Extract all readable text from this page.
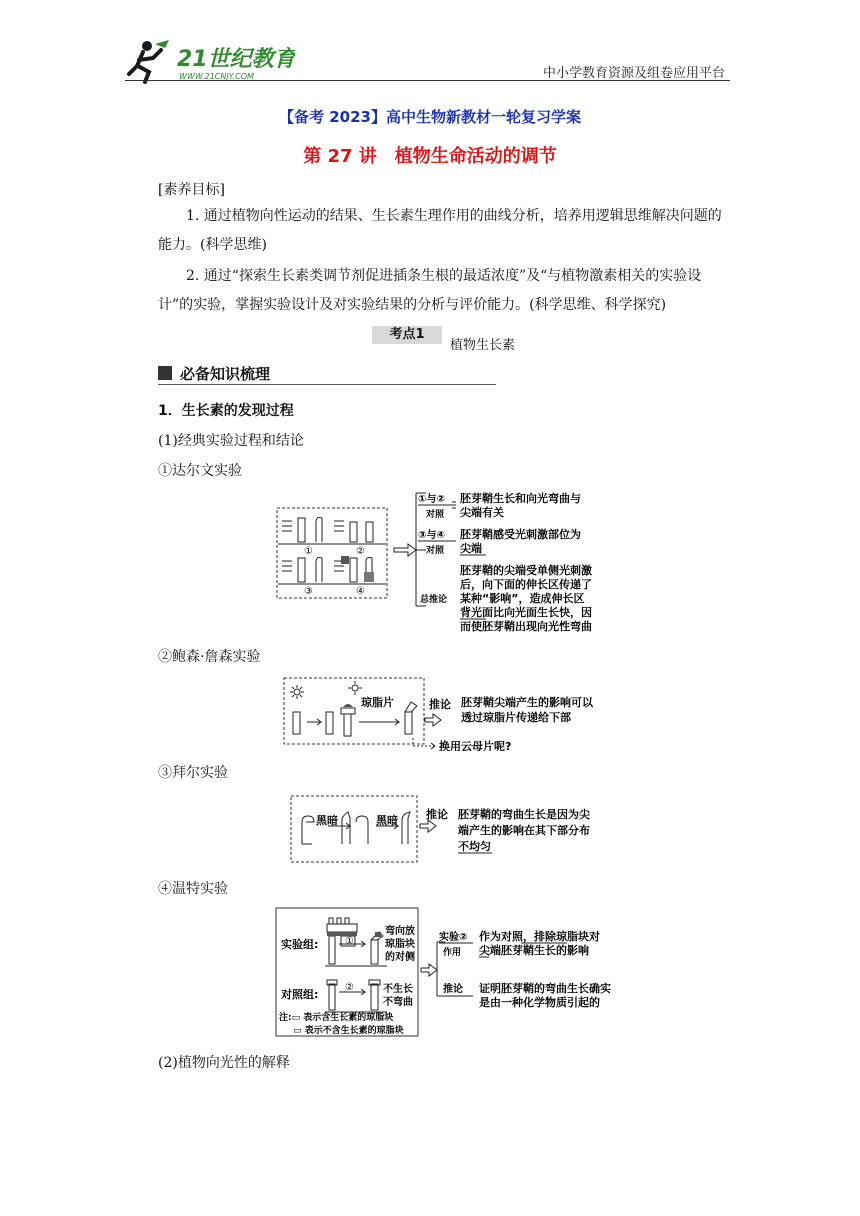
21世纪教育
WWW.21CNJY.COM	中小学教育资源及组卷应用平台
【备考 2023】高中生物新教材一轮复习学案
第 27 讲　植物生命活动的调节
[素养目标]
1. 通过植物向性运动的结果、生长素生理作用的曲线分析，培养用逻辑思维解决问题的能力。(科学思维)
2. 通过“探索生长素类调节剂促进插条生根的最适浓度”及“与植物激素相关的实验设计”的实验，掌握实验设计及对实验结果的分析与评价能力。(科学思维、科学探究)
考点1
植物生长素
必备知识梳理
1．生长素的发现过程
(1)经典实验过程和结论
①达尔文实验
①	②
③	④
①与②
对照
胚芽鞘生长和向光弯曲与
尖端有关
③与④
对照
胚芽鞘感受光刺激部位为
尖端
总推论
胚芽鞘的尖端受单侧光刺激
后，向下面的伸长区传递了
某种“影响”，造成伸长区
背光面比向光面生长快，因
而使胚芽鞘出现向光性弯曲
②鲍森·詹森实验
琼脂片	推论 胚芽鞘尖端产生的影响可以
透过琼脂片传递给下部
换用云母片呢?
③拜尔实验
黑暗	黑暗	推论 胚芽鞘的弯曲生长是因为尖
端产生的影响在其下部分布
不均匀
④温特实验
实验组:
对照组:
①
②
弯向放
琼脂块
的对侧
不生长
不弯曲
注:▭ 表示含生长素的琼脂块
▭ 表示不含生长素的琼脂块
实验②
作用
作为对照，排除琼脂块对
尖端胚芽鞘生长的影响
推论 证明胚芽鞘的弯曲生长确实
是由一种化学物质引起的
(2)植物向光性的解释
